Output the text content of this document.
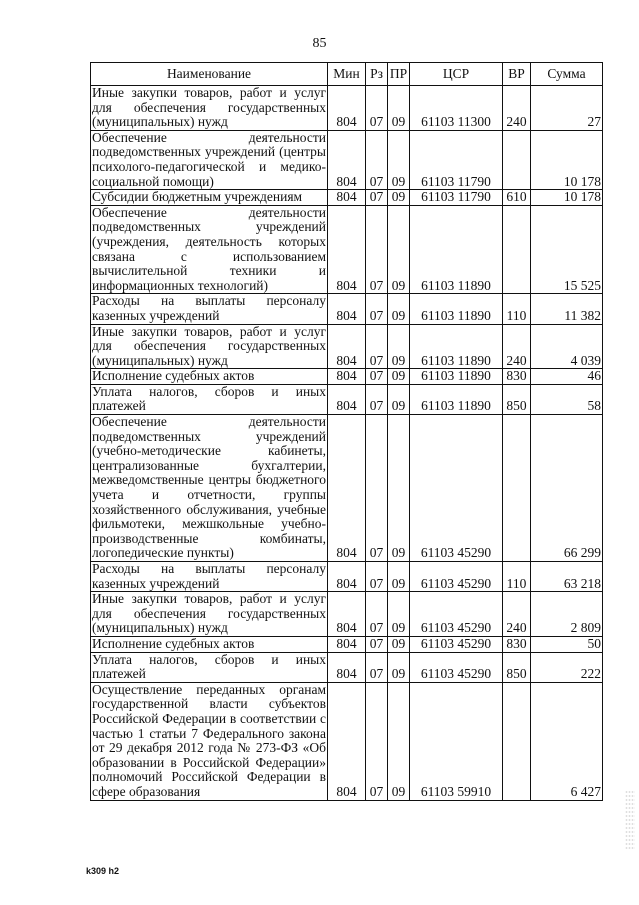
85
Наименование	Мин	Рз	ПР	ЦСР	ВР	Сумма
Иные закупки товаров, работ и услуг для обеспечения государственных (муниципальных) нужд	804	07	09	61103 11300	240	27
Обеспечение деятельности подведомственных учреждений (центры психолого-педагогической и медико-социальной помощи)	804	07	09	61103 11790		10 178
Субсидии бюджетным учреждениям	804	07	09	61103 11790	610	10 178
Обеспечение деятельности подведомственных учреждений (учреждения, деятельность которых связана с использованием вычислительной техники и информационных технологий)	804	07	09	61103 11890		15 525
Расходы на выплаты персоналу казенных учреждений	804	07	09	61103 11890	110	11 382
Иные закупки товаров, работ и услуг для обеспечения государственных (муниципальных) нужд	804	07	09	61103 11890	240	4 039
Исполнение судебных актов	804	07	09	61103 11890	830	46
Уплата налогов, сборов и иных платежей	804	07	09	61103 11890	850	58
Обеспечение деятельности подведомственных учреждений (учебно-методические кабинеты, централизованные бухгалтерии, межведомственные центры бюджетного учета и отчетности, группы хозяйственного обслуживания, учебные фильмотеки, межшкольные учебно-производственные комбинаты, логопедические пункты)	804	07	09	61103 45290		66 299
Расходы на выплаты персоналу казенных учреждений	804	07	09	61103 45290	110	63 218
Иные закупки товаров, работ и услуг для обеспечения государственных (муниципальных) нужд	804	07	09	61103 45290	240	2 809
Исполнение судебных актов	804	07	09	61103 45290	830	50
Уплата налогов, сборов и иных платежей	804	07	09	61103 45290	850	222
Осуществление переданных органам государственной власти субъектов Российской Федерации в соответствии с частью 1 статьи 7 Федерального закона от 29 декабря 2012 года № 273-ФЗ «Об образовании в Российской Федерации» полномочий Российской Федерации в сфере образования	804	07	09	61103 59910		6 427
k309 h2
